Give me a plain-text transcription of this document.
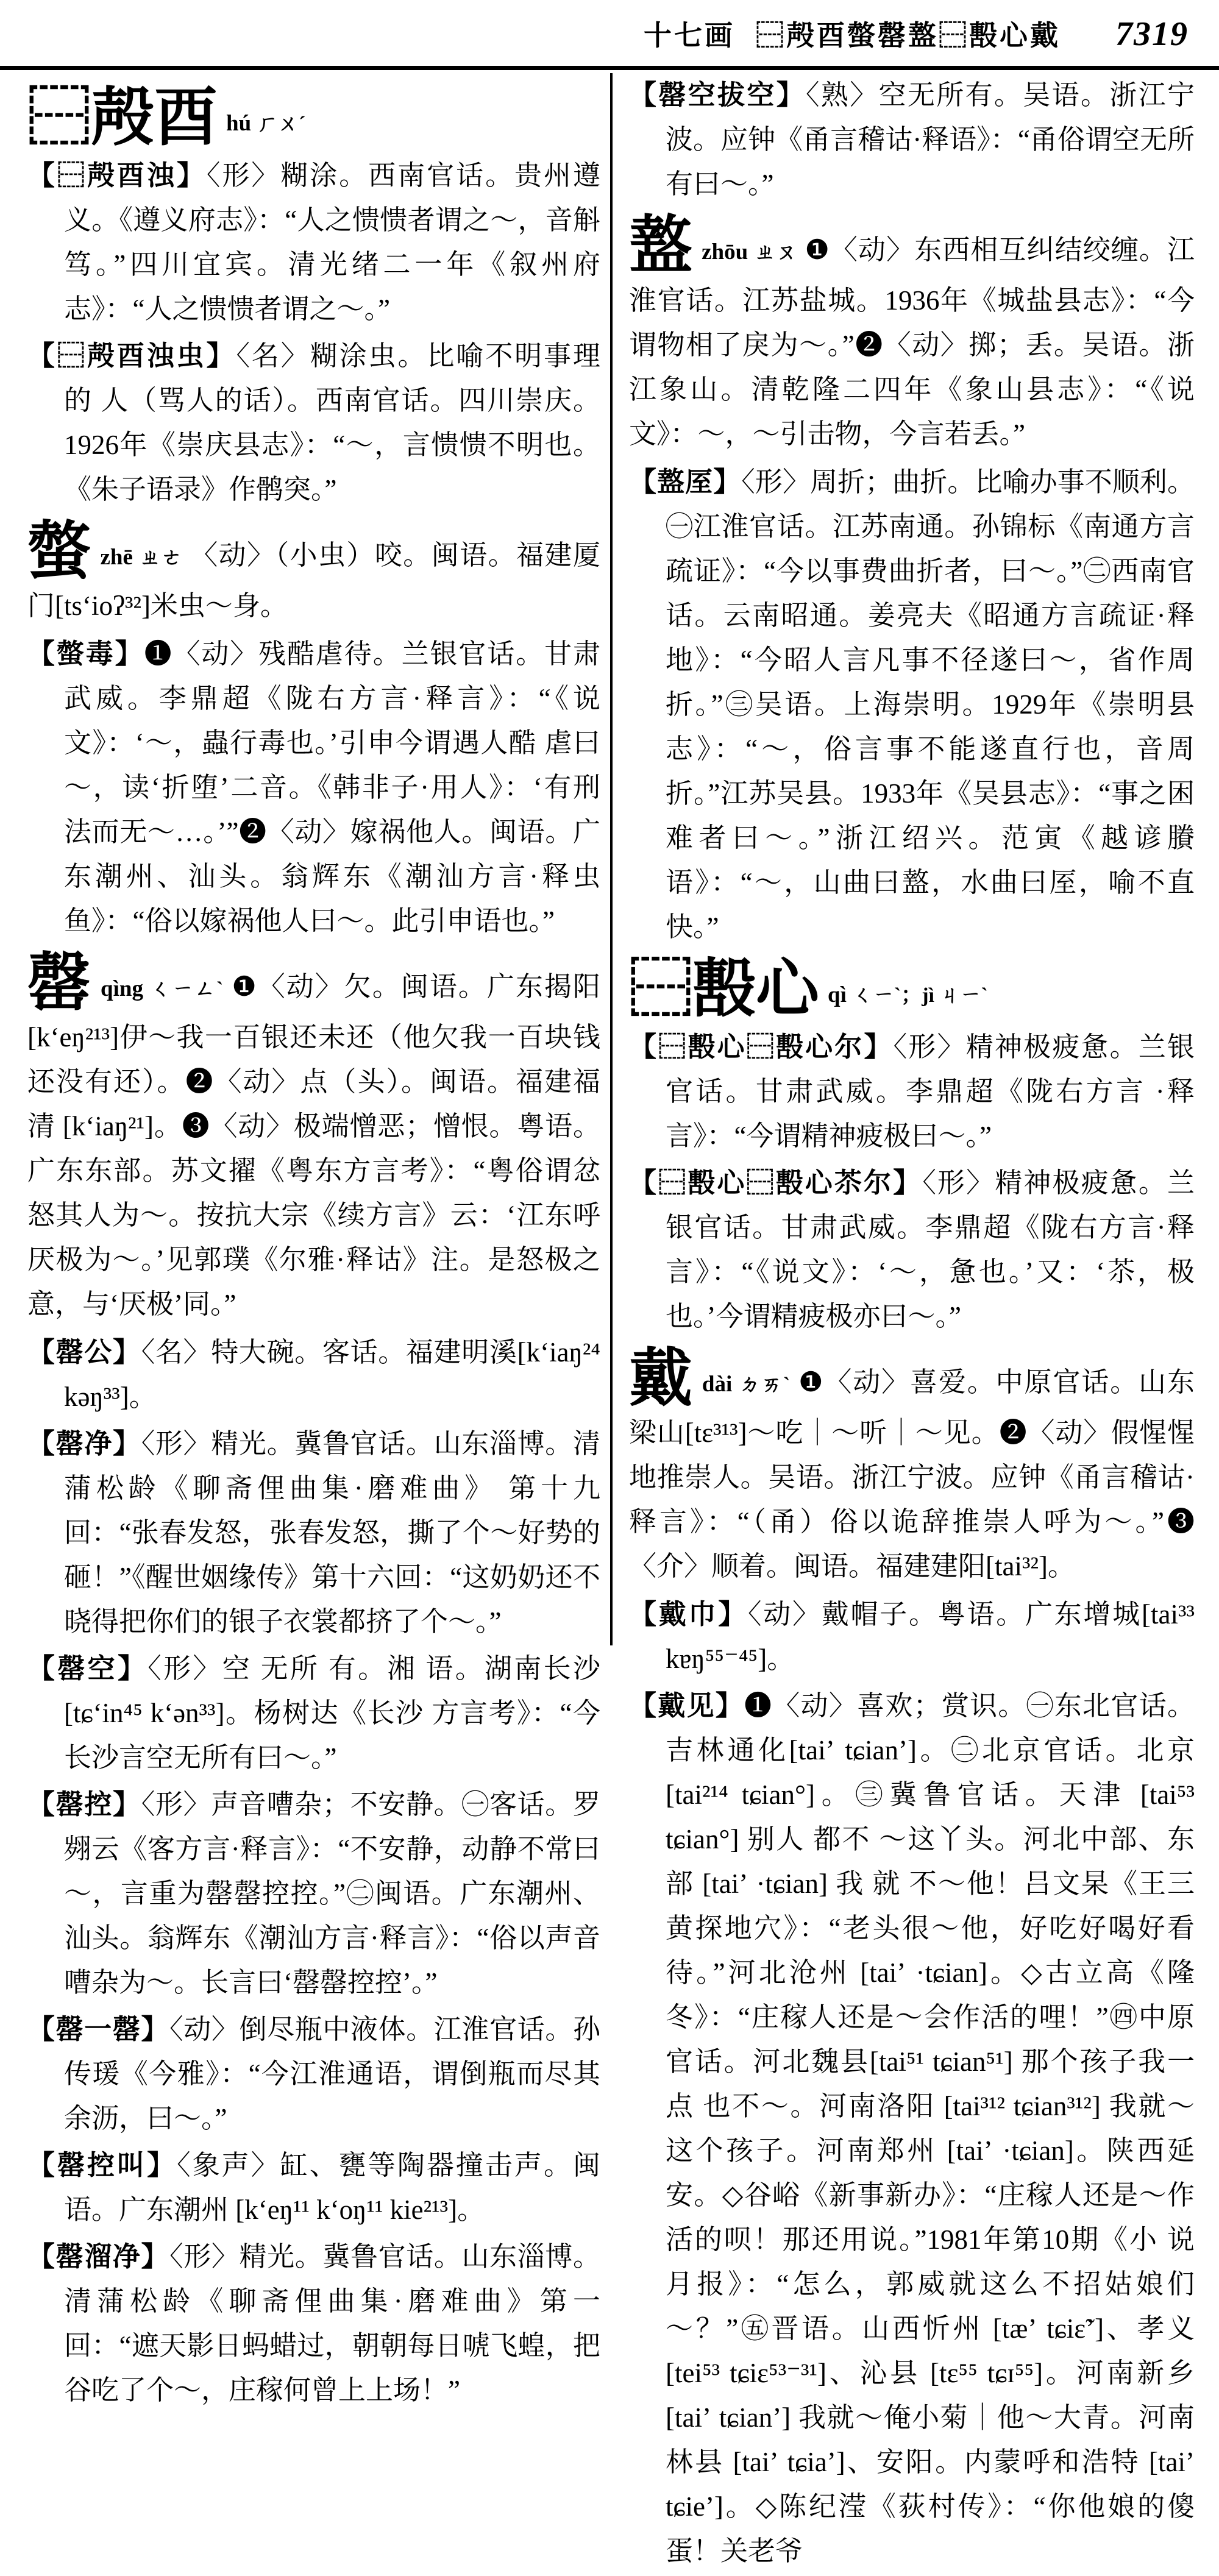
十七画 ⿱殸酉螫罄盩⿱毄心戴 7319

⿱殸酉 hú ㄏㄨˊ

【⿱殸酉浊】〈形〉糊涂。西南官话。贵州遵义。《遵义府志》：“人之愦愦者谓之～，音斛笃。”四川宜宾。清光绪二一年《叙州府志》：“人之愦愦者谓之～。”

【⿱殸酉浊虫】〈名〉糊涂虫。比喻不明事理 的 人（骂人的话）。西南官话。四川崇庆。1926年《崇庆县志》：“～，言愦愦不明也。《朱子语录》作鹘突。”

螫zhē ㄓㄜ 〈动〉（小虫）咬。闽语。福建厦门[tsʻioʔ³²]米虫～身。

【螫毒】❶〈动〉残酷虐待。兰银官话。甘肃武威。李鼎超《陇右方言·释言》：“《说文》：‘～，蟲行毒也。’引申今谓遇人酷 虐曰～，读‘折堕’二音。《韩非子·用人》：‘有刑 法而无～…。’”❷〈动〉嫁祸他人。闽语。广东潮州、汕头。翁辉东《潮汕方言·释虫鱼》：“俗以嫁祸他人曰～。此引申语也。”

罄qìng ㄑㄧㄥˋ ❶〈动〉欠。闽语。广东揭阳[kʻeŋ²¹³]伊～我一百银还未还（他欠我一百块钱还没有还）。❷〈动〉点（头）。闽语。福建福清 [kʻiaŋ²¹]。❸〈动〉极端憎恶；憎恨。粤语。广东东部。苏文擢《粤东方言考》：“粤俗谓忿怒其人为～。按抗大宗《续方言》云：‘江东呼厌极为～。’见郭璞《尔雅·释诂》注。是怒极之意，与‘厌极’同。”

【罄公】〈名〉特大碗。客话。福建明溪[kʻiaŋ²⁴ kəŋ³³]。

【罄净】〈形〉精光。冀鲁官话。山东淄博。清蒲松龄《聊斋俚曲集·磨难曲》 第十九 回：“张春发怒，张春发怒，撕了个～好势的砸！”《醒世姻缘传》第十六回：“这奶奶还不晓得把你们的银子衣裳都挤了个～。”

【罄空】〈形〉空 无所 有。湘 语。湖南长沙 [tɕʻin⁴⁵ kʻən³³]。杨树达《长沙 方言考》：“今长沙言空无所有曰～。”

【罄控】〈形〉声音嘈杂；不安静。㊀客话。罗翙云《客方言·释言》：“不安静，动静不常曰～，言重为罄罄控控。”㊁闽语。广东潮州、汕头。翁辉东《潮汕方言·释言》：“俗以声音嘈杂为～。长言曰‘罄罄控控’。”

【罄一罄】〈动〉倒尽瓶中液体。江淮官话。孙传瑗《今雅》：“今江淮通语，谓倒瓶而尽其余沥，曰～。”

【罄控叫】〈象声〉缸、甕等陶器撞击声。闽语。广东潮州 [kʻeŋ¹¹ kʻoŋ¹¹ kie²¹³]。

【罄溜净】〈形〉精光。冀鲁官话。山东淄博。清蒲松龄《聊斋俚曲集·磨难曲》第一回：“遮天影日蚂蜡过，朝朝每日唬飞蝗，把谷吃了个～，庄稼何曾上上场！”

【罄空拔空】〈熟〉空无所有。吴语。浙江宁波。应钟《甬言稽诂·释语》：“甬俗谓空无所有曰～。”

盩zhōu ㄓㄡ ❶〈动〉东西相互纠结绞缠。江淮官话。江苏盐城。1936年《城盐县志》：“今谓物相了戾为～。”❷〈动〉掷；丢。吴语。浙江象山。清乾隆二四年《象山县志》：“《说文》：～，～引击物，今言若丢。”

【盩厔】〈形〉周折；曲折。比喻办事不顺利。㊀江淮官话。江苏南通。孙锦标《南通方言疏证》：“今以事费曲折者，曰～。”㊁西南官话。云南昭通。姜亮夫《昭通方言疏证·释地》：“今昭人言凡事不径遂曰～，省作周折。”㊂吴语。上海崇明。1929年《崇明县志》：“～，俗言事不能遂直行也，音周折。”江苏吴县。1933年《吴县志》：“事之困难者曰～。”浙江绍兴。范寅《越谚賸语》：“～，山曲曰盩，水曲曰厔，喻不直快。”

⿱毄心 qì ㄑㄧˋ；jì ㄐㄧˋ

【⿱毄心⿱毄心尔】〈形〉精神极疲惫。兰银 官话。甘肃武威。李鼎超《陇右方言 ·释言》：“今谓精神疲极曰～。”

【⿱毄心⿱毄心苶尔】〈形〉精神极疲惫。兰银官话。甘肃武威。李鼎超《陇右方言·释言》：“《说文》：‘～，惫也。’又：‘苶，极也。’今谓精疲极亦曰～。”

戴dài ㄉㄞˋ ❶〈动〉喜爱。中原官话。山东梁山[tɛ³¹³]～吃｜～听｜～见。❷〈动〉假惺惺地推崇人。吴语。浙江宁波。应钟《甬言稽诂·释言》：“（甬）俗以诡辞推崇人呼为～。”❸〈介〉顺着。闽语。福建建阳[tai³²]。

【戴巾】〈动〉戴帽子。粤语。广东增城[tai³³ kɐŋ⁵⁵⁻⁴⁵]。

【戴见】❶〈动〉喜欢；赏识。㊀东北官话。吉林通化[taiʼ tɕianʼ]。㊁北京官话。北京[tai²¹⁴ tɕian°]。㊂冀鲁官话。天津 [tai⁵³ tɕian°] 别人 都不 ～这丫头。河北中部、东部 [taiʼ ·tɕian] 我 就 不～他！吕文杲《王三黄探地穴》：“老头很～他，好吃好喝好看待。”河北沧州 [taiʼ ·tɕian]。◇古立高《隆冬》：“庄稼人还是～会作活的哩！”㊃中原官话。河北魏县[tai⁵¹ tɕian⁵¹] 那个孩子我一点 也不～。河南洛阳 [tai³¹² tɕian³¹²] 我就～这个孩子。河南郑州 [taiʼ ·tɕian]。陕西延安。◇谷峪《新事新办》：“庄稼人还是～作 活的呗！那还用说。”1981年第10期《小 说 月报》：“怎么，郭威就这么不招姑娘们～？”㊄晋语。山西忻州 [tæʼ tɕiɛ̃ʼ]、孝义 [tei⁵³ tɕiɛ⁵³⁻³¹]、沁县 [tɛ⁵⁵ tɕɪ⁵⁵]。河南新乡 [taiʼ tɕianʼ] 我就～俺小菊｜他～大青。河南林县 [taiʼ tɕiaʼ]、安阳。内蒙呼和浩特 [taiʼ tɕieʼ]。◇陈纪滢《荻村传》：“你他娘的傻蛋！关老爷
